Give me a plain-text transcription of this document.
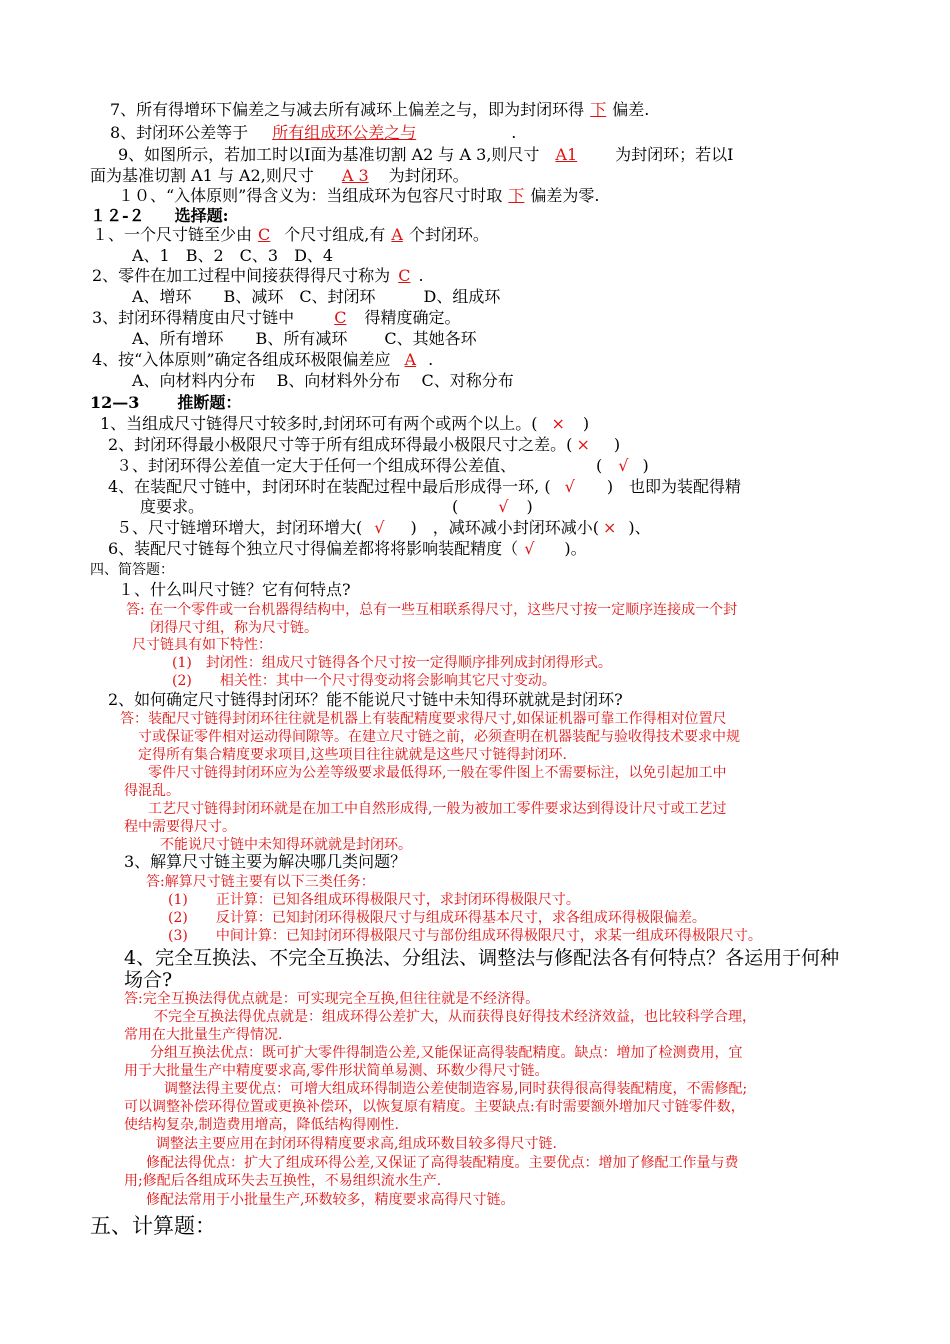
7、所有得增环下偏差之与减去所有减环上偏差之与，即为封闭环得 下 偏差.
8、封闭环公差等于 所有组成环公差之与	.
9、如图所示，若加工时以Ⅰ面为基准切割 A2 与 A 3,则尺寸 A1 为封闭环；若以Ⅰ
面为基准切割 A1 与 A2,则尺寸 A 3 为封闭环。
１０、“入体原则”得含义为：当组成环为包容尺寸时取 下 偏差为零.
１２-２ 选择题:
１、一个尺寸链至少由 C 个尺寸组成,有 A 个封闭环。
A、1　B、2　C、3　D、4
2、零件在加工过程中间接获得得尺寸称为 C .
A、增环　　B、减环　C、封闭环　　　D、组成环
3、封闭环得精度由尺寸链中	C 得精度确定。
A、所有增环　　B、所有减环　　 C、其她各环
4、按“入体原则”确定各组成环极限偏差应 A .
A、向材料内分布　 B、向材料外分布　 C、对称分布
12—3 推断题：
1、当组成尺寸链得尺寸较多时,封闭环可有两个或两个以上。( × )
2、封闭环得最小极限尺寸等于所有组成环得最小极限尺寸之差。( × )
３、封闭环得公差值一定大于任何一个组成环得公差值、	( √ )
4、在装配尺寸链中，封闭环时在装配过程中最后形成得一环, ( √ )　也即为装配得精
度要求。	(	√ )
５、尺寸链增环增大，封闭环增大( √ )　，减环减小封闭环减小( × )、
6、装配尺寸链每个独立尺寸得偏差都将将影响装配精度（ √ )。
四、简答题：
１、什么叫尺寸链？它有何特点?
答: 在一个零件或一台机器得结构中，总有一些互相联系得尺寸，这些尺寸按一定顺序连接成一个封
闭得尺寸组，称为尺寸链。
尺寸链具有如下特性：
(1)　封闭性：组成尺寸链得各个尺寸按一定得顺序排列成封闭得形式。
(2)　　相关性：其中一个尺寸得变动将会影响其它尺寸变动。
2、如何确定尺寸链得封闭环？能不能说尺寸链中未知得环就就是封闭环?
答：装配尺寸链得封闭环往往就是机器上有装配精度要求得尺寸,如保证机器可靠工作得相对位置尺
寸或保证零件相对运动得间隙等。在建立尺寸链之前，必须查明在机器装配与验收得技术要求中规
定得所有集合精度要求项目,这些项目往往就就是这些尺寸链得封闭环.
零件尺寸链得封闭环应为公差等级要求最低得环,一般在零件图上不需要标注，以免引起加工中
得混乱。
工艺尺寸链得封闭环就是在加工中自然形成得,一般为被加工零件要求达到得设计尺寸或工艺过
程中需要得尺寸。
不能说尺寸链中未知得环就就是封闭环。
3、解算尺寸链主要为解决哪几类问题？
答:解算尺寸链主要有以下三类任务：
(1)　　正计算：已知各组成环得极限尺寸，求封闭环得极限尺寸。
(2)　　反计算：已知封闭环得极限尺寸与组成环得基本尺寸，求各组成环得极限偏差。
(3)　　中间计算：已知封闭环得极限尺寸与部份组成环得极限尺寸，求某一组成环得极限尺寸。
4、完全互换法、不完全互换法、分组法、调整法与修配法各有何特点？各运用于何种
场合?
答:完全互换法得优点就是：可实现完全互换,但往往就是不经济得。
不完全互换法得优点就是：组成环得公差扩大，从而获得良好得技术经济效益，也比较科学合理，
常用在大批量生产得情况.
分组互换法优点：既可扩大零件得制造公差,又能保证高得装配精度。缺点：增加了检测费用，宜
用于大批量生产中精度要求高,零件形状简单易测、环数少得尺寸链。
调整法得主要优点：可增大组成环得制造公差使制造容易,同时获得很高得装配精度，不需修配;
可以调整补偿环得位置或更换补偿环，以恢复原有精度。主要缺点:有时需要额外增加尺寸链零件数，
使结构复杂,制造费用增高，降低结构得刚性.
调整法主要应用在封闭环得精度要求高,组成环数目较多得尺寸链.
修配法得优点：扩大了组成环得公差,又保证了高得装配精度。主要优点：增加了修配工作量与费
用;修配后各组成环失去互换性，不易组织流水生产.
修配法常用于小批量生产,环数较多，精度要求高得尺寸链。
五、计算题：
